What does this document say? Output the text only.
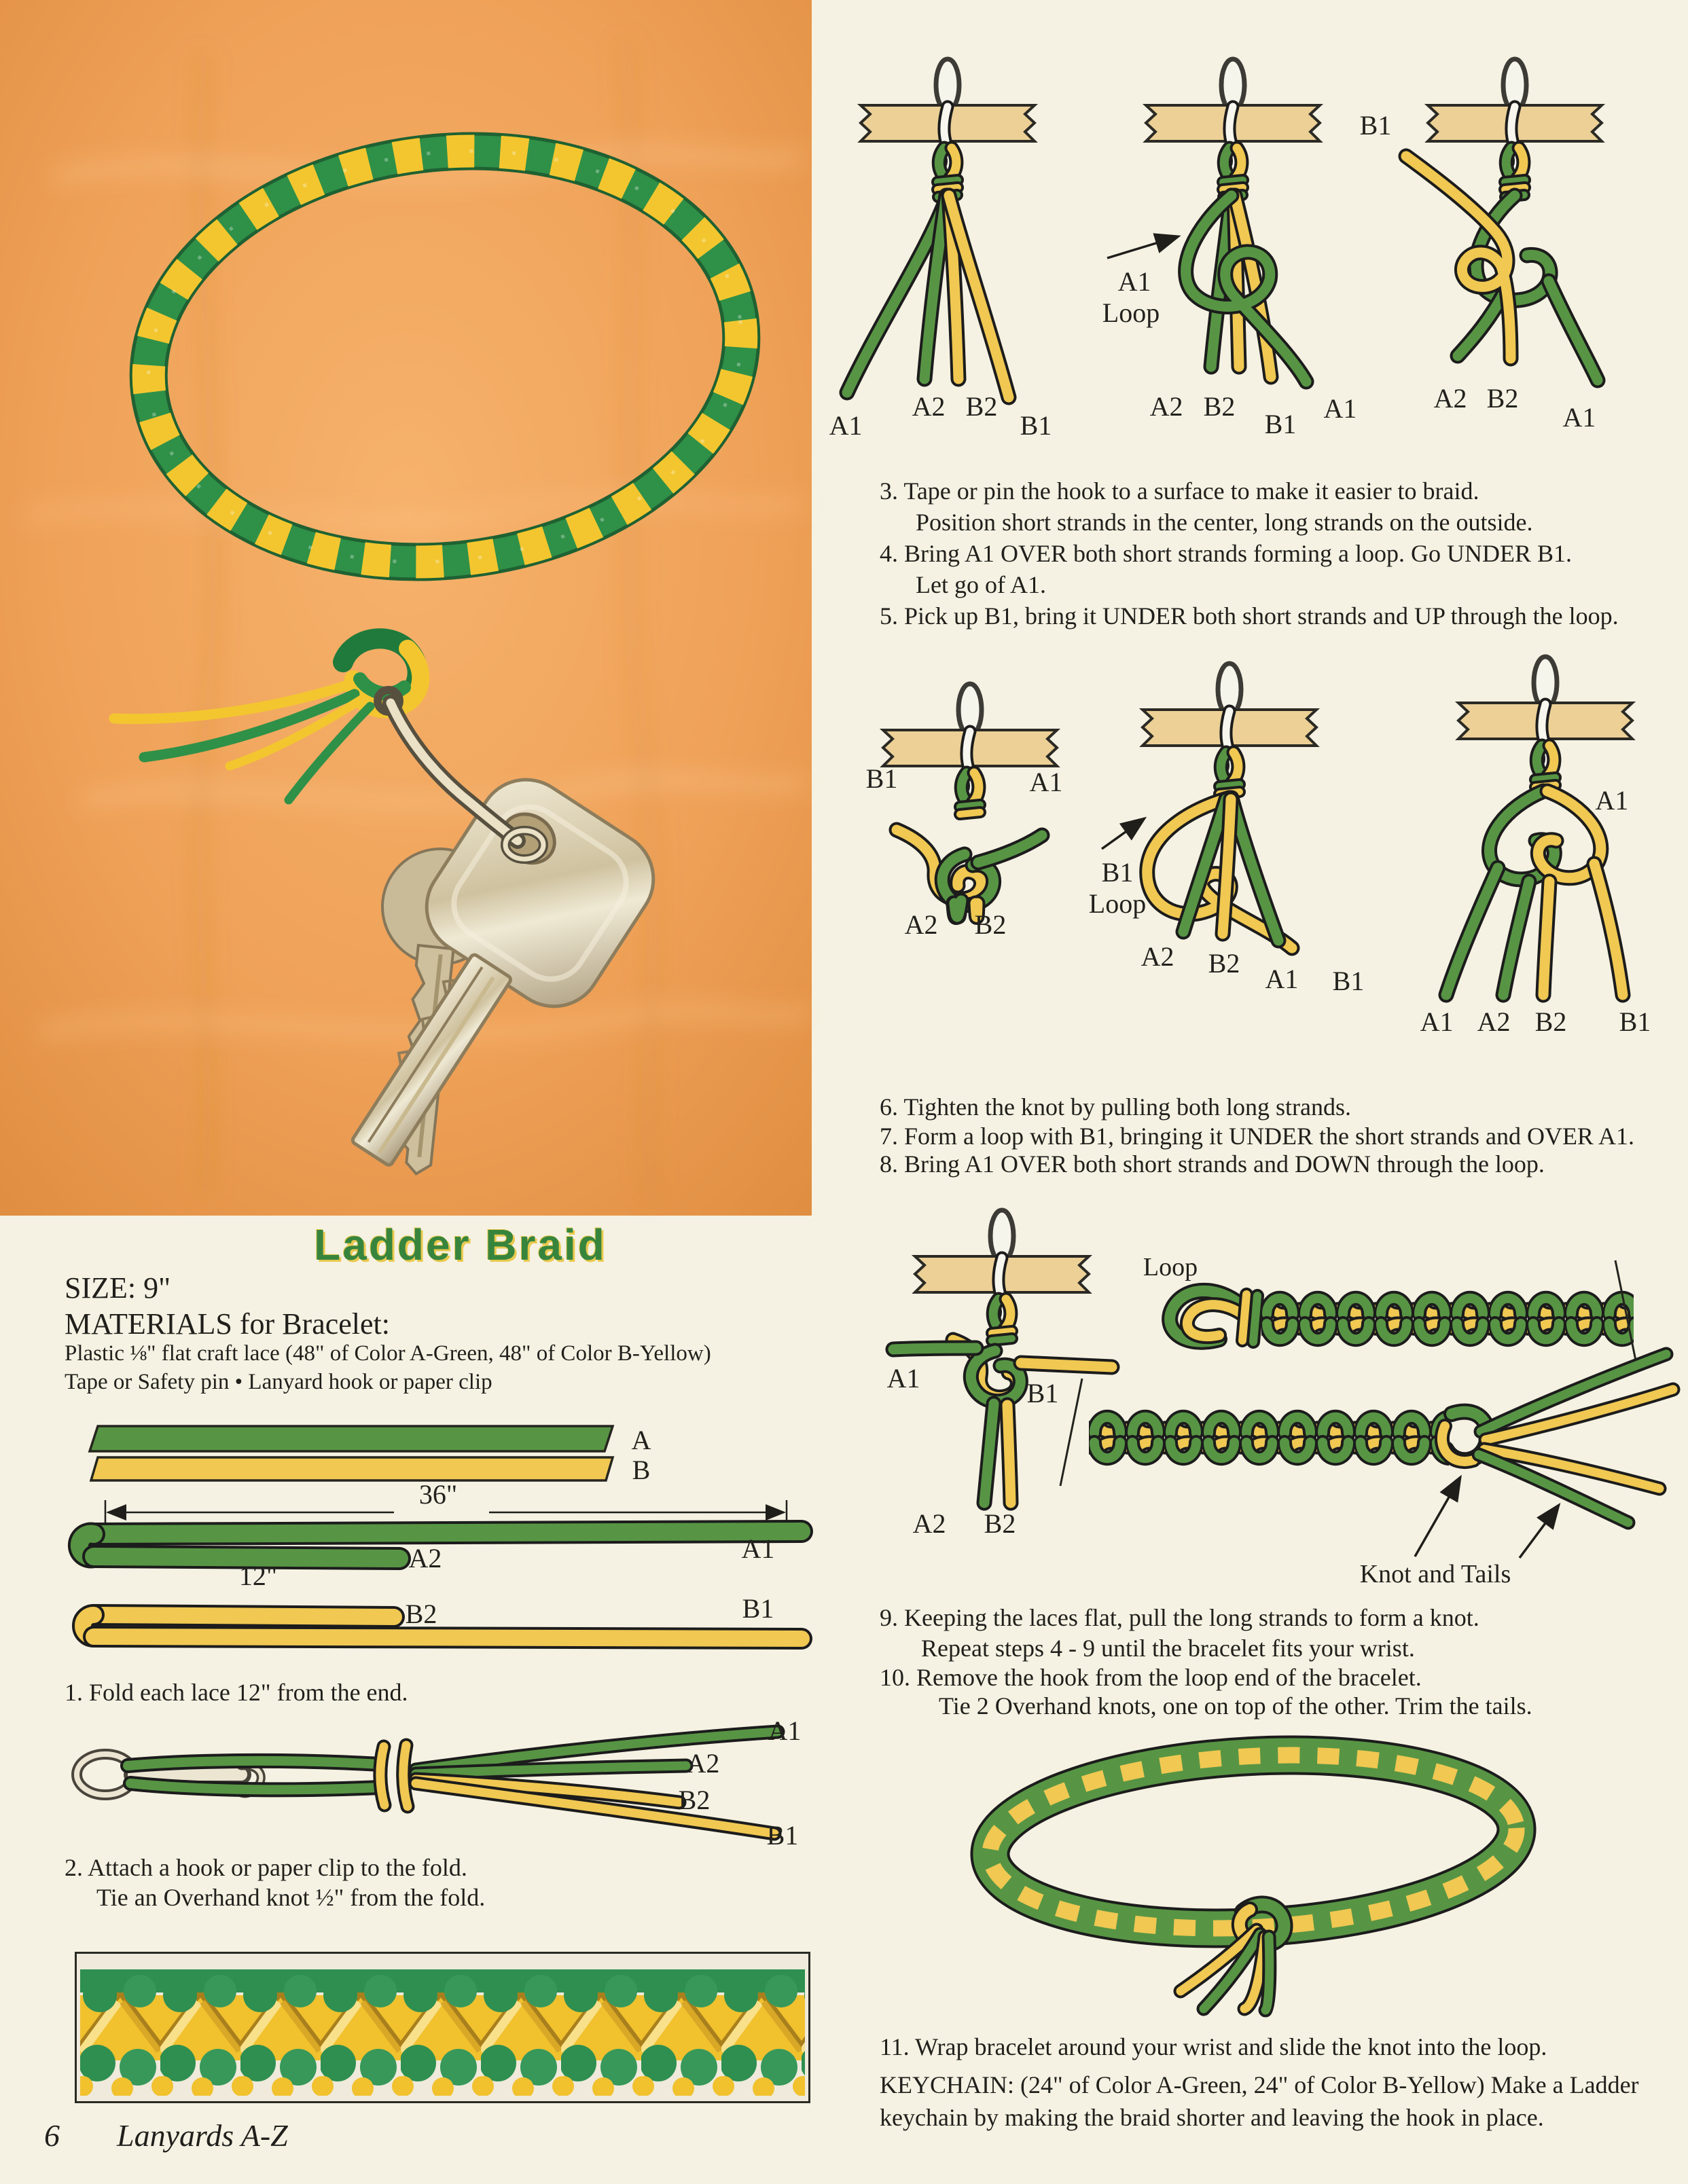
A1
A2 B2
B1
A1
Loop
A2 B2
B1
A1
B1
A2 B2
A1
B1	A1
A2 B2
B1
Loop
A2 B2
A1 B1
A1
A1 A2 B2 B1
A1	B1
A2 B2
Loop
Knot and Tails
Ladder Braid
SIZE: 9"
MATERIALS for Bracelet:
Plastic ⅛" flat craft lace (48" of Color A-Green, 48" of Color B-Yellow)
Tape or Safety pin • Lanyard hook or paper clip
A
B
36"
A2	A1
12"
B2	B1
1. Fold each lace 12" from the end.
A1
A2
B2
B1
2. Attach a hook or paper clip to the fold.
Tie an Overhand knot ½" from the fold.
3. Tape or pin the hook to a surface to make it easier to braid.
Position short strands in the center, long strands on the outside.
4. Bring A1 OVER both short strands forming a loop. Go UNDER B1.
Let go of A1.
5. Pick up B1, bring it UNDER both short strands and UP through the loop.
6. Tighten the knot by pulling both long strands.
7. Form a loop with B1, bringing it UNDER the short strands and OVER A1.
8. Bring A1 OVER both short strands and DOWN through the loop.
9. Keeping the laces flat, pull the long strands to form a knot.
Repeat steps 4 - 9 until the bracelet fits your wrist.
10. Remove the hook from the loop end of the bracelet.
Tie 2 Overhand knots, one on top of the other. Trim the tails.
11. Wrap bracelet around your wrist and slide the knot into the loop.
KEYCHAIN: (24" of Color A-Green, 24" of Color B-Yellow) Make a Ladder
keychain by making the braid shorter and leaving the hook in place.
6 Lanyards A-Z
